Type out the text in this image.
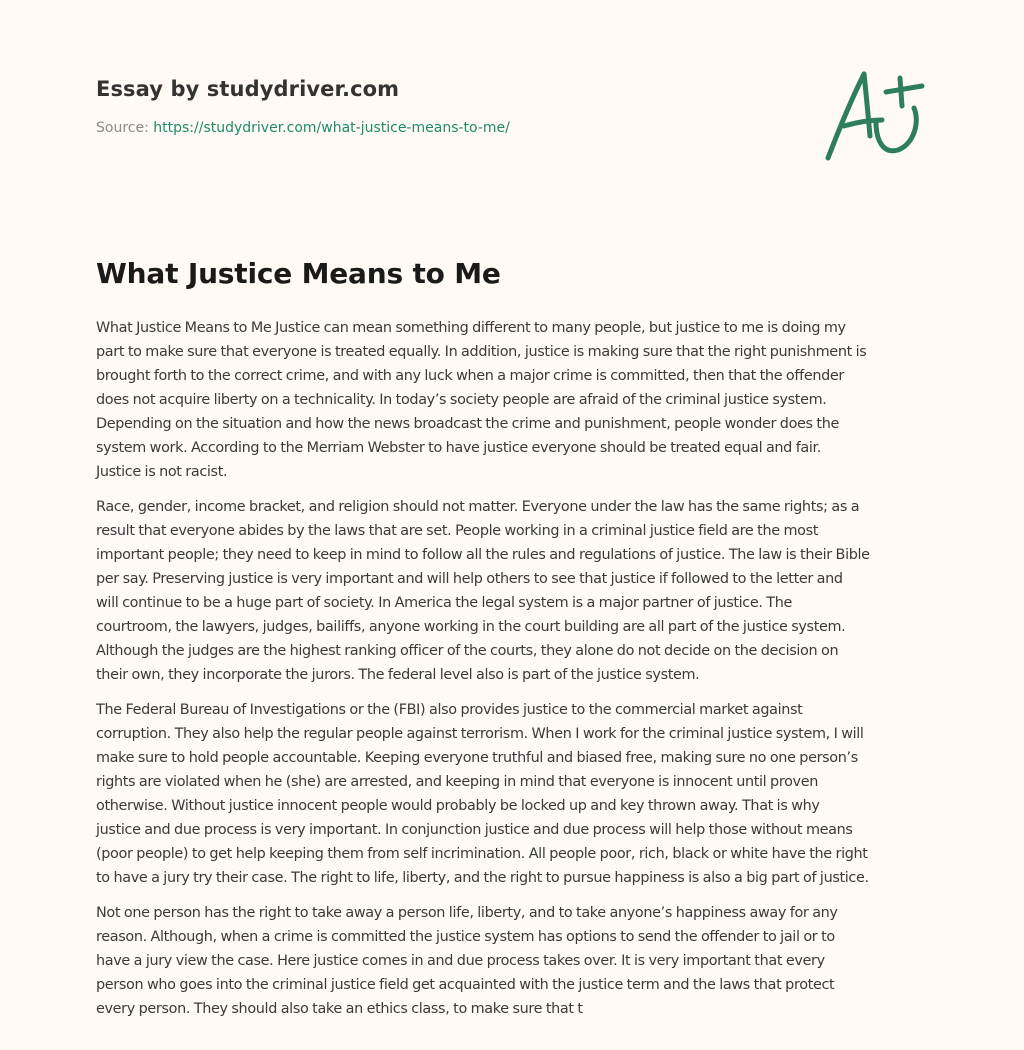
Essay by studydriver.com
Source: https://studydriver.com/what-justice-means-to-me/
What Justice Means to Me

What Justice Means to Me Justice can mean something different to many people, but justice to me is doing my
part to make sure that everyone is treated equally. In addition, justice is making sure that the right punishment is
brought forth to the correct crime, and with any luck when a major crime is committed, then that the offender
does not acquire liberty on a technicality. In today’s society people are afraid of the criminal justice system.
Depending on the situation and how the news broadcast the crime and punishment, people wonder does the
system work. According to the Merriam Webster to have justice everyone should be treated equal and fair.
Justice is not racist.

Race, gender, income bracket, and religion should not matter. Everyone under the law has the same rights; as a
result that everyone abides by the laws that are set. People working in a criminal justice field are the most
important people; they need to keep in mind to follow all the rules and regulations of justice. The law is their Bible
per say. Preserving justice is very important and will help others to see that justice if followed to the letter and
will continue to be a huge part of society. In America the legal system is a major partner of justice. The
courtroom, the lawyers, judges, bailiffs, anyone working in the court building are all part of the justice system.
Although the judges are the highest ranking officer of the courts, they alone do not decide on the decision on
their own, they incorporate the jurors. The federal level also is part of the justice system.

The Federal Bureau of Investigations or the (FBI) also provides justice to the commercial market against
corruption. They also help the regular people against terrorism. When I work for the criminal justice system, I will
make sure to hold people accountable. Keeping everyone truthful and biased free, making sure no one person’s
rights are violated when he (she) are arrested, and keeping in mind that everyone is innocent until proven
otherwise. Without justice innocent people would probably be locked up and key thrown away. That is why
justice and due process is very important. In conjunction justice and due process will help those without means
(poor people) to get help keeping them from self incrimination. All people poor, rich, black or white have the right
to have a jury try their case. The right to life, liberty, and the right to pursue happiness is also a big part of justice.

Not one person has the right to take away a person life, liberty, and to take anyone’s happiness away for any
reason. Although, when a crime is committed the justice system has options to send the offender to jail or to
have a jury view the case. Here justice comes in and due process takes over. It is very important that every
person who goes into the criminal justice field get acquainted with the justice term and the laws that protect
every person. They should also take an ethics class, to make sure that t
